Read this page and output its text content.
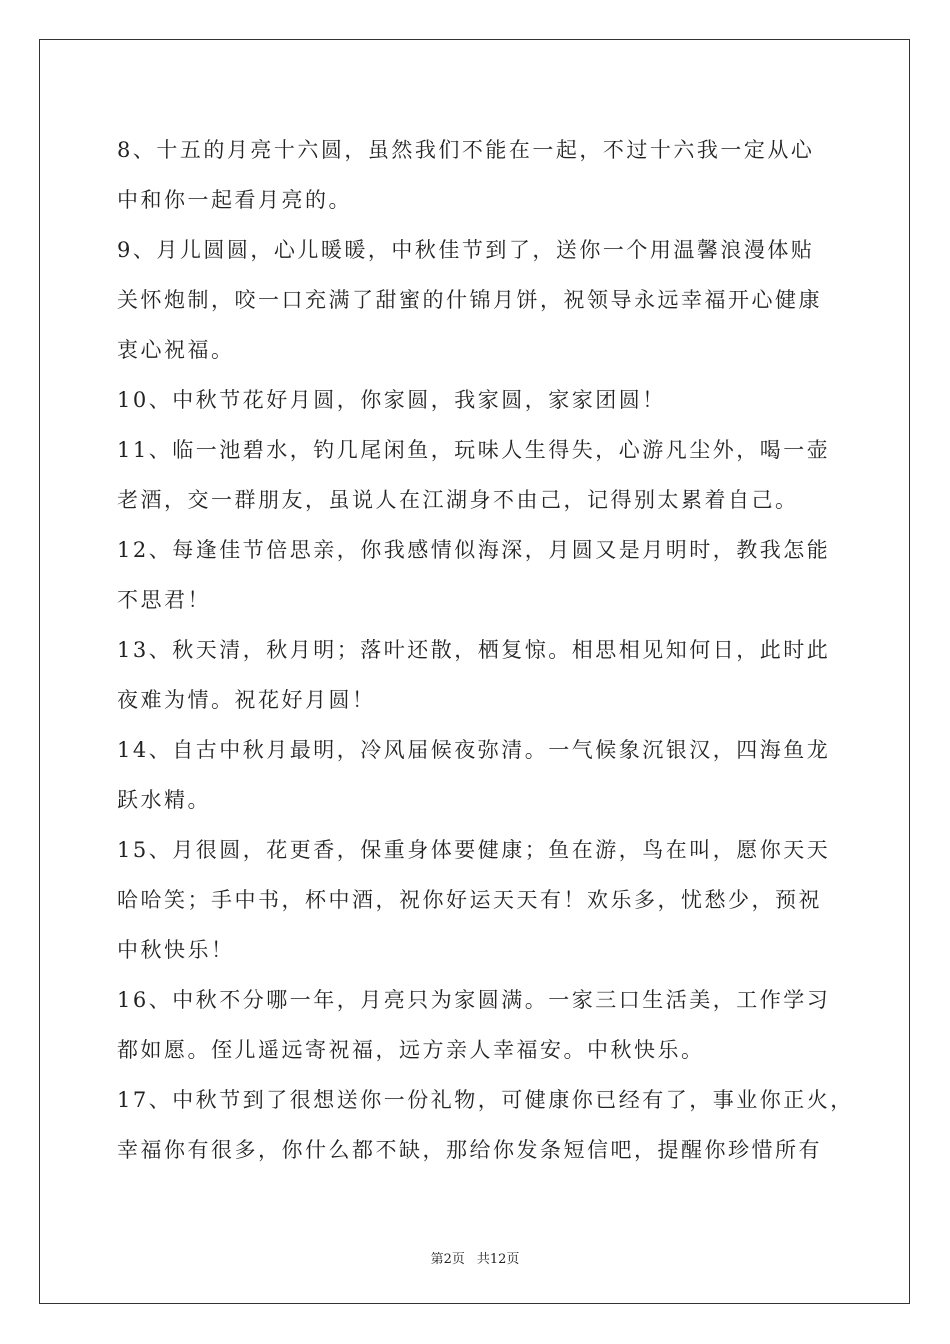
8、十五的月亮十六圆，虽然我们不能在一起，不过十六我一定从心
中和你一起看月亮的。
9、月儿圆圆，心儿暖暖，中秋佳节到了，送你一个用温馨浪漫体贴
关怀炮制，咬一口充满了甜蜜的什锦月饼，祝领导永远幸福开心健康
衷心祝福。
10、中秋节花好月圆，你家圆，我家圆，家家团圆！
11、临一池碧水，钓几尾闲鱼，玩味人生得失，心游凡尘外，喝一壶
老酒，交一群朋友，虽说人在江湖身不由己，记得别太累着自己。
12、每逢佳节倍思亲，你我感情似海深，月圆又是月明时，教我怎能
不思君！
13、秋天清，秋月明；落叶还散，栖复惊。相思相见知何日，此时此
夜难为情。祝花好月圆！
14、自古中秋月最明，冷风届候夜弥清。一气候象沉银汉，四海鱼龙
跃水精。
15、月很圆，花更香，保重身体要健康；鱼在游，鸟在叫，愿你天天
哈哈笑；手中书，杯中酒，祝你好运天天有！欢乐多，忧愁少，预祝
中秋快乐！
16、中秋不分哪一年，月亮只为家圆满。一家三口生活美，工作学习
都如愿。侄儿遥远寄祝福，远方亲人幸福安。中秋快乐。
17、中秋节到了很想送你一份礼物，可健康你已经有了，事业你正火，
幸福你有很多，你什么都不缺，那给你发条短信吧，提醒你珍惜所有
第2页 共12页
